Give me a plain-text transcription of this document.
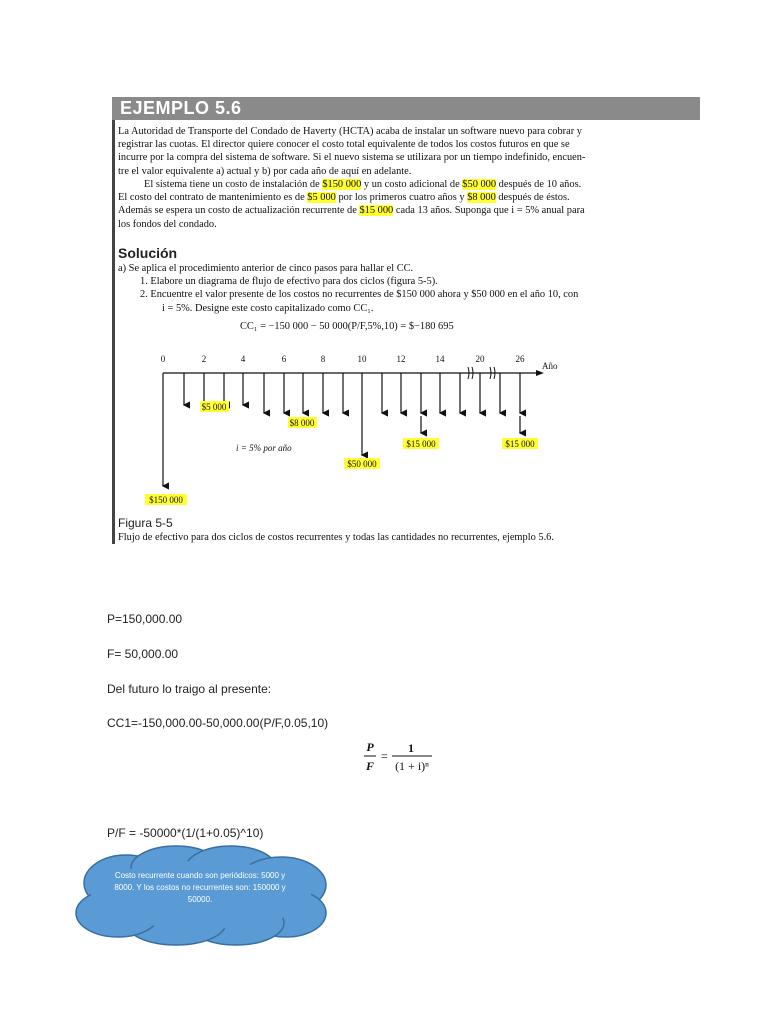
EJEMPLO 5.6
La Autoridad de Transporte del Condado de Haverty (HCTA) acaba de instalar un software nuevo para cobrar y
registrar las cuotas. El director quiere conocer el costo total equivalente de todos los costos futuros en que se
incurre por la compra del sistema de software. Si el nuevo sistema se utilizara por un tiempo indefinido, encuen-
tre el valor equivalente a) actual y b) por cada año de aquí en adelante.
El sistema tiene un costo de instalación de $150 000 y un costo adicional de $50 000 después de 10 años.
El costo del contrato de mantenimiento es de $5 000 por los primeros cuatro años y $8 000 después de éstos.
Además se espera un costo de actualización recurrente de $15 000 cada 13 años. Suponga que i = 5% anual para
los fondos del condado.
Solución
a) Se aplica el procedimiento anterior de cinco pasos para hallar el CC.
1. Elabore un diagrama de flujo de efectivo para dos ciclos (figura 5-5).
2. Encuentre el valor presente de los costos no recurrentes de $150 000 ahora y $50 000 en el año 10, con
i = 5%. Designe este costo capitalizado como CC₁.
CC₁ = −150 000 − 50 000(P/F,5%,10) = $−180 695
0	2	4	6	8	10	12	14	20	26
Año
$5 000
$8 000
i = 5% por año
$50 000
$15 000	$15 000
$150 000
Figura 5-5
Flujo de efectivo para dos ciclos de costos recurrentes y todas las cantidades no recurrentes, ejemplo 5.6.
P=150,000.00
F= 50,000.00
Del futuro lo traigo al presente:
CC1=-150,000.00-50,000.00(P/F,0.05,10)
P
F
=
1
(1 + i)ⁿ
P/F = -50000*(1/(1+0.05)^10)
Costo recurrente cuando son periódicos: 5000 y 8000. Y los costos no recurrentes son: 150000 y 50000.
